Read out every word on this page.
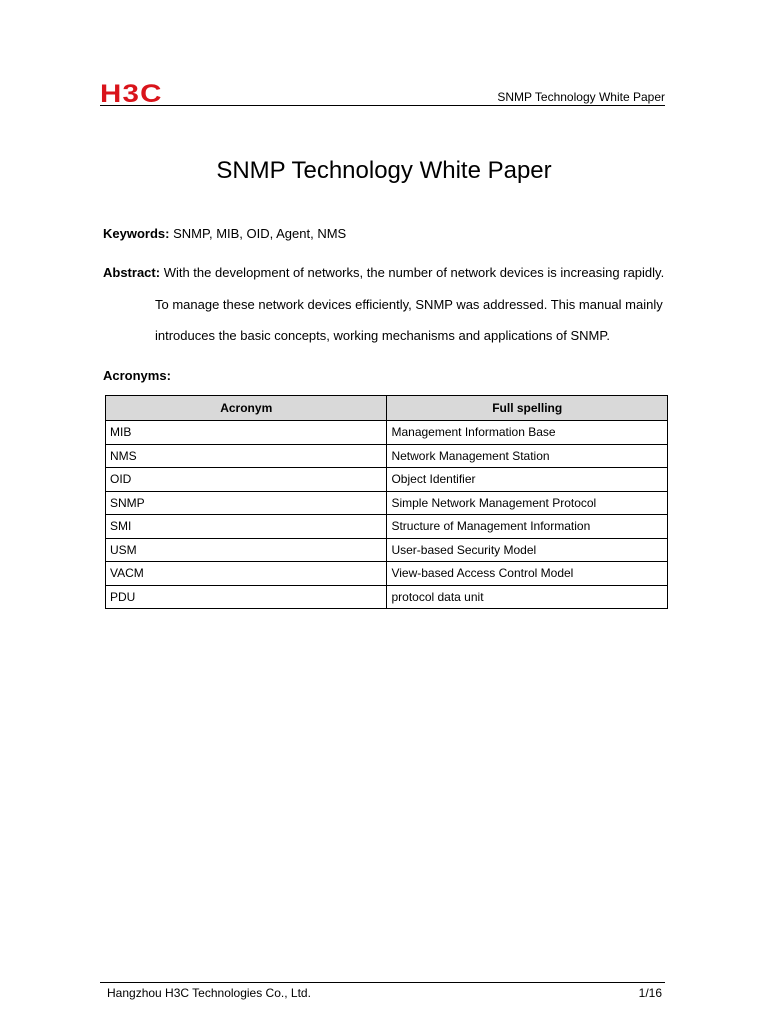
H3C	SNMP Technology White Paper
SNMP Technology White Paper
Keywords: SNMP, MIB, OID, Agent, NMS
Abstract: With the development of networks, the number of network devices is increasing rapidly.
To manage these network devices efficiently, SNMP was addressed. This manual mainly
introduces the basic concepts, working mechanisms and applications of SNMP.
Acronyms:
Acronym	Full spelling
MIB	Management Information Base
NMS	Network Management Station
OID	Object Identifier
SNMP	Simple Network Management Protocol
SMI	Structure of Management Information
USM	User-based Security Model
VACM	View-based Access Control Model
PDU	protocol data unit
Hangzhou H3C Technologies Co., Ltd.	1/16
